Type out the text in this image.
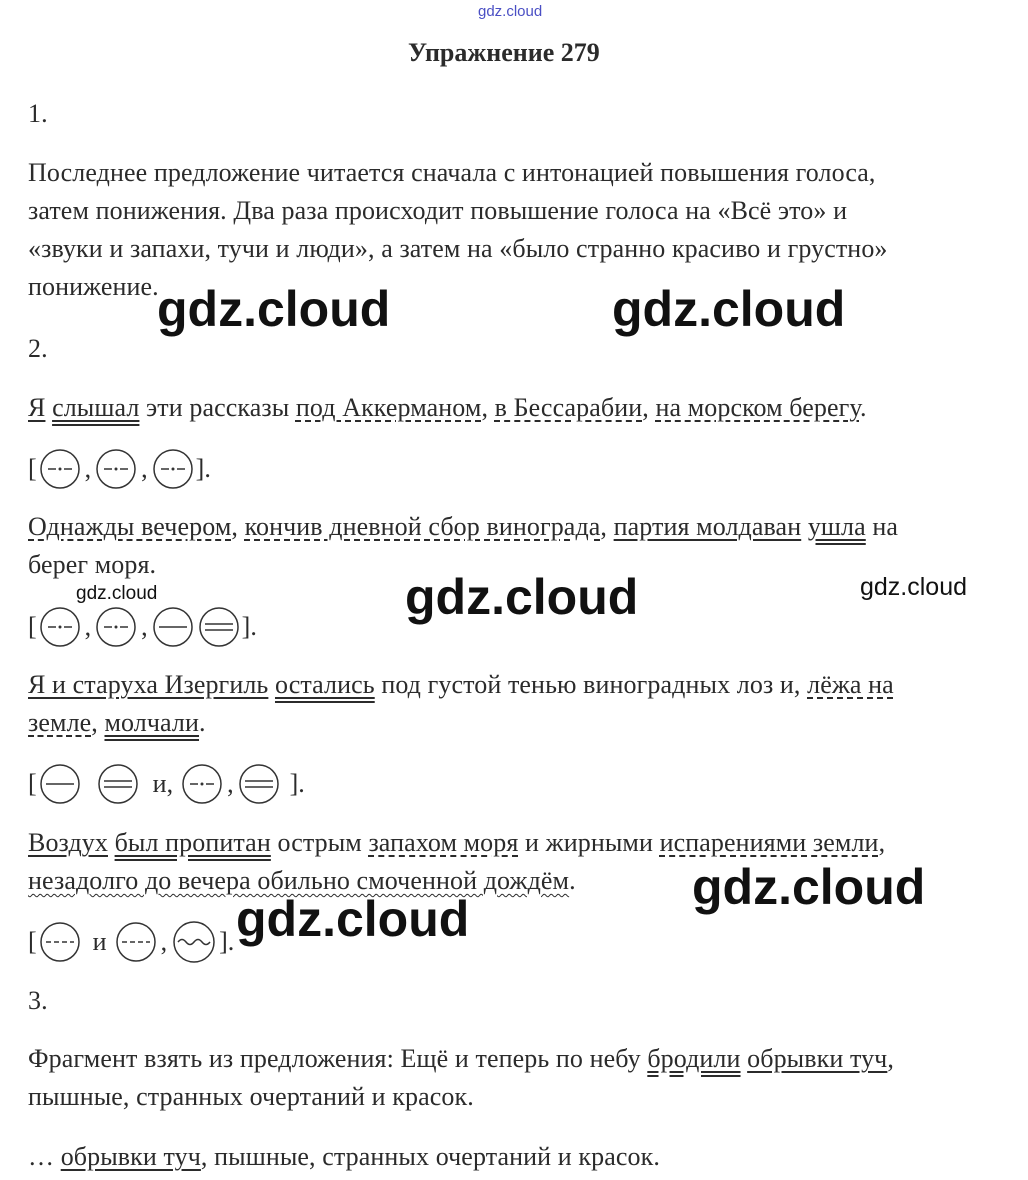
gdz.cloud
Упражнение 279
1.
Последнее предложение читается сначала с интонацией повышения голоса,
затем понижения. Два раза происходит повышение голоса на «Всё это» и
«звуки и запахи, тучи и люди», а затем на «было странно красиво и грустно»
понижение.
2.
Я слышал эти рассказы под Аккерманом, в Бессарабии, на морском берегу.
[ , , ].
Однажды вечером, кончив дневной сбор винограда, партия молдаван ушла на
берег моря.
[ , ,	].
Я и старуха Изергиль остались под густой тенью виноградных лоз и, лёжа на
земле, молчали.
[	и, , ].
Воздух был пропитан острым запахом моря и жирными испарениями земли,
незадолго до вечера обильно смоченной дождём.
[ и , ].
3.
Фрагмент взять из предложения: Ещё и теперь по небу бродили обрывки туч,
пышные, странных очертаний и красок.
… обрывки туч, пышные, странных очертаний и красок.
gdz.cloud	gdz.cloud
gdz.cloud
gdz.cloud
gdz.cloud
gdz.cloud	gdz.cloud
